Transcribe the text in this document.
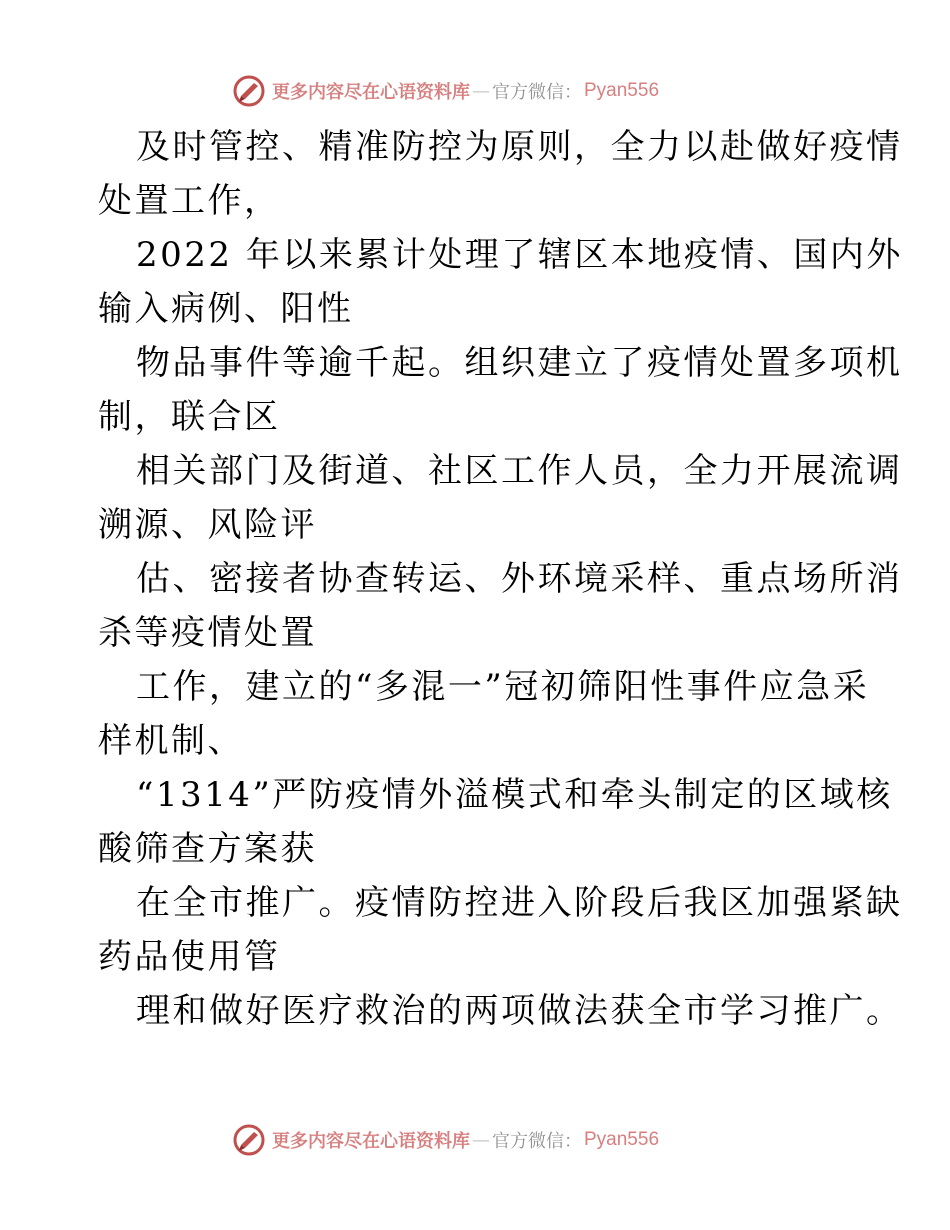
更多内容尽在心语资料库 — 官方微信： Pyan556
及时管控、精准防控为原则，全力以赴做好疫情
处置工作，
2022 年以来累计处理了辖区本地疫情、国内外
输入病例、阳性
物品事件等逾千起。组织建立了疫情处置多项机
制，联合区
相关部门及街道、社区工作人员，全力开展流调
溯源、风险评
估、密接者协查转运、外环境采样、重点场所消
杀等疫情处置
工作，建立的“多混一”冠初筛阳性事件应急采
样机制、
“1314”严防疫情外溢模式和牵头制定的区域核
酸筛查方案获
在全市推广。疫情防控进入阶段后我区加强紧缺
药品使用管
理和做好医疗救治的两项做法获全市学习推广。
更多内容尽在心语资料库 — 官方微信： Pyan556
